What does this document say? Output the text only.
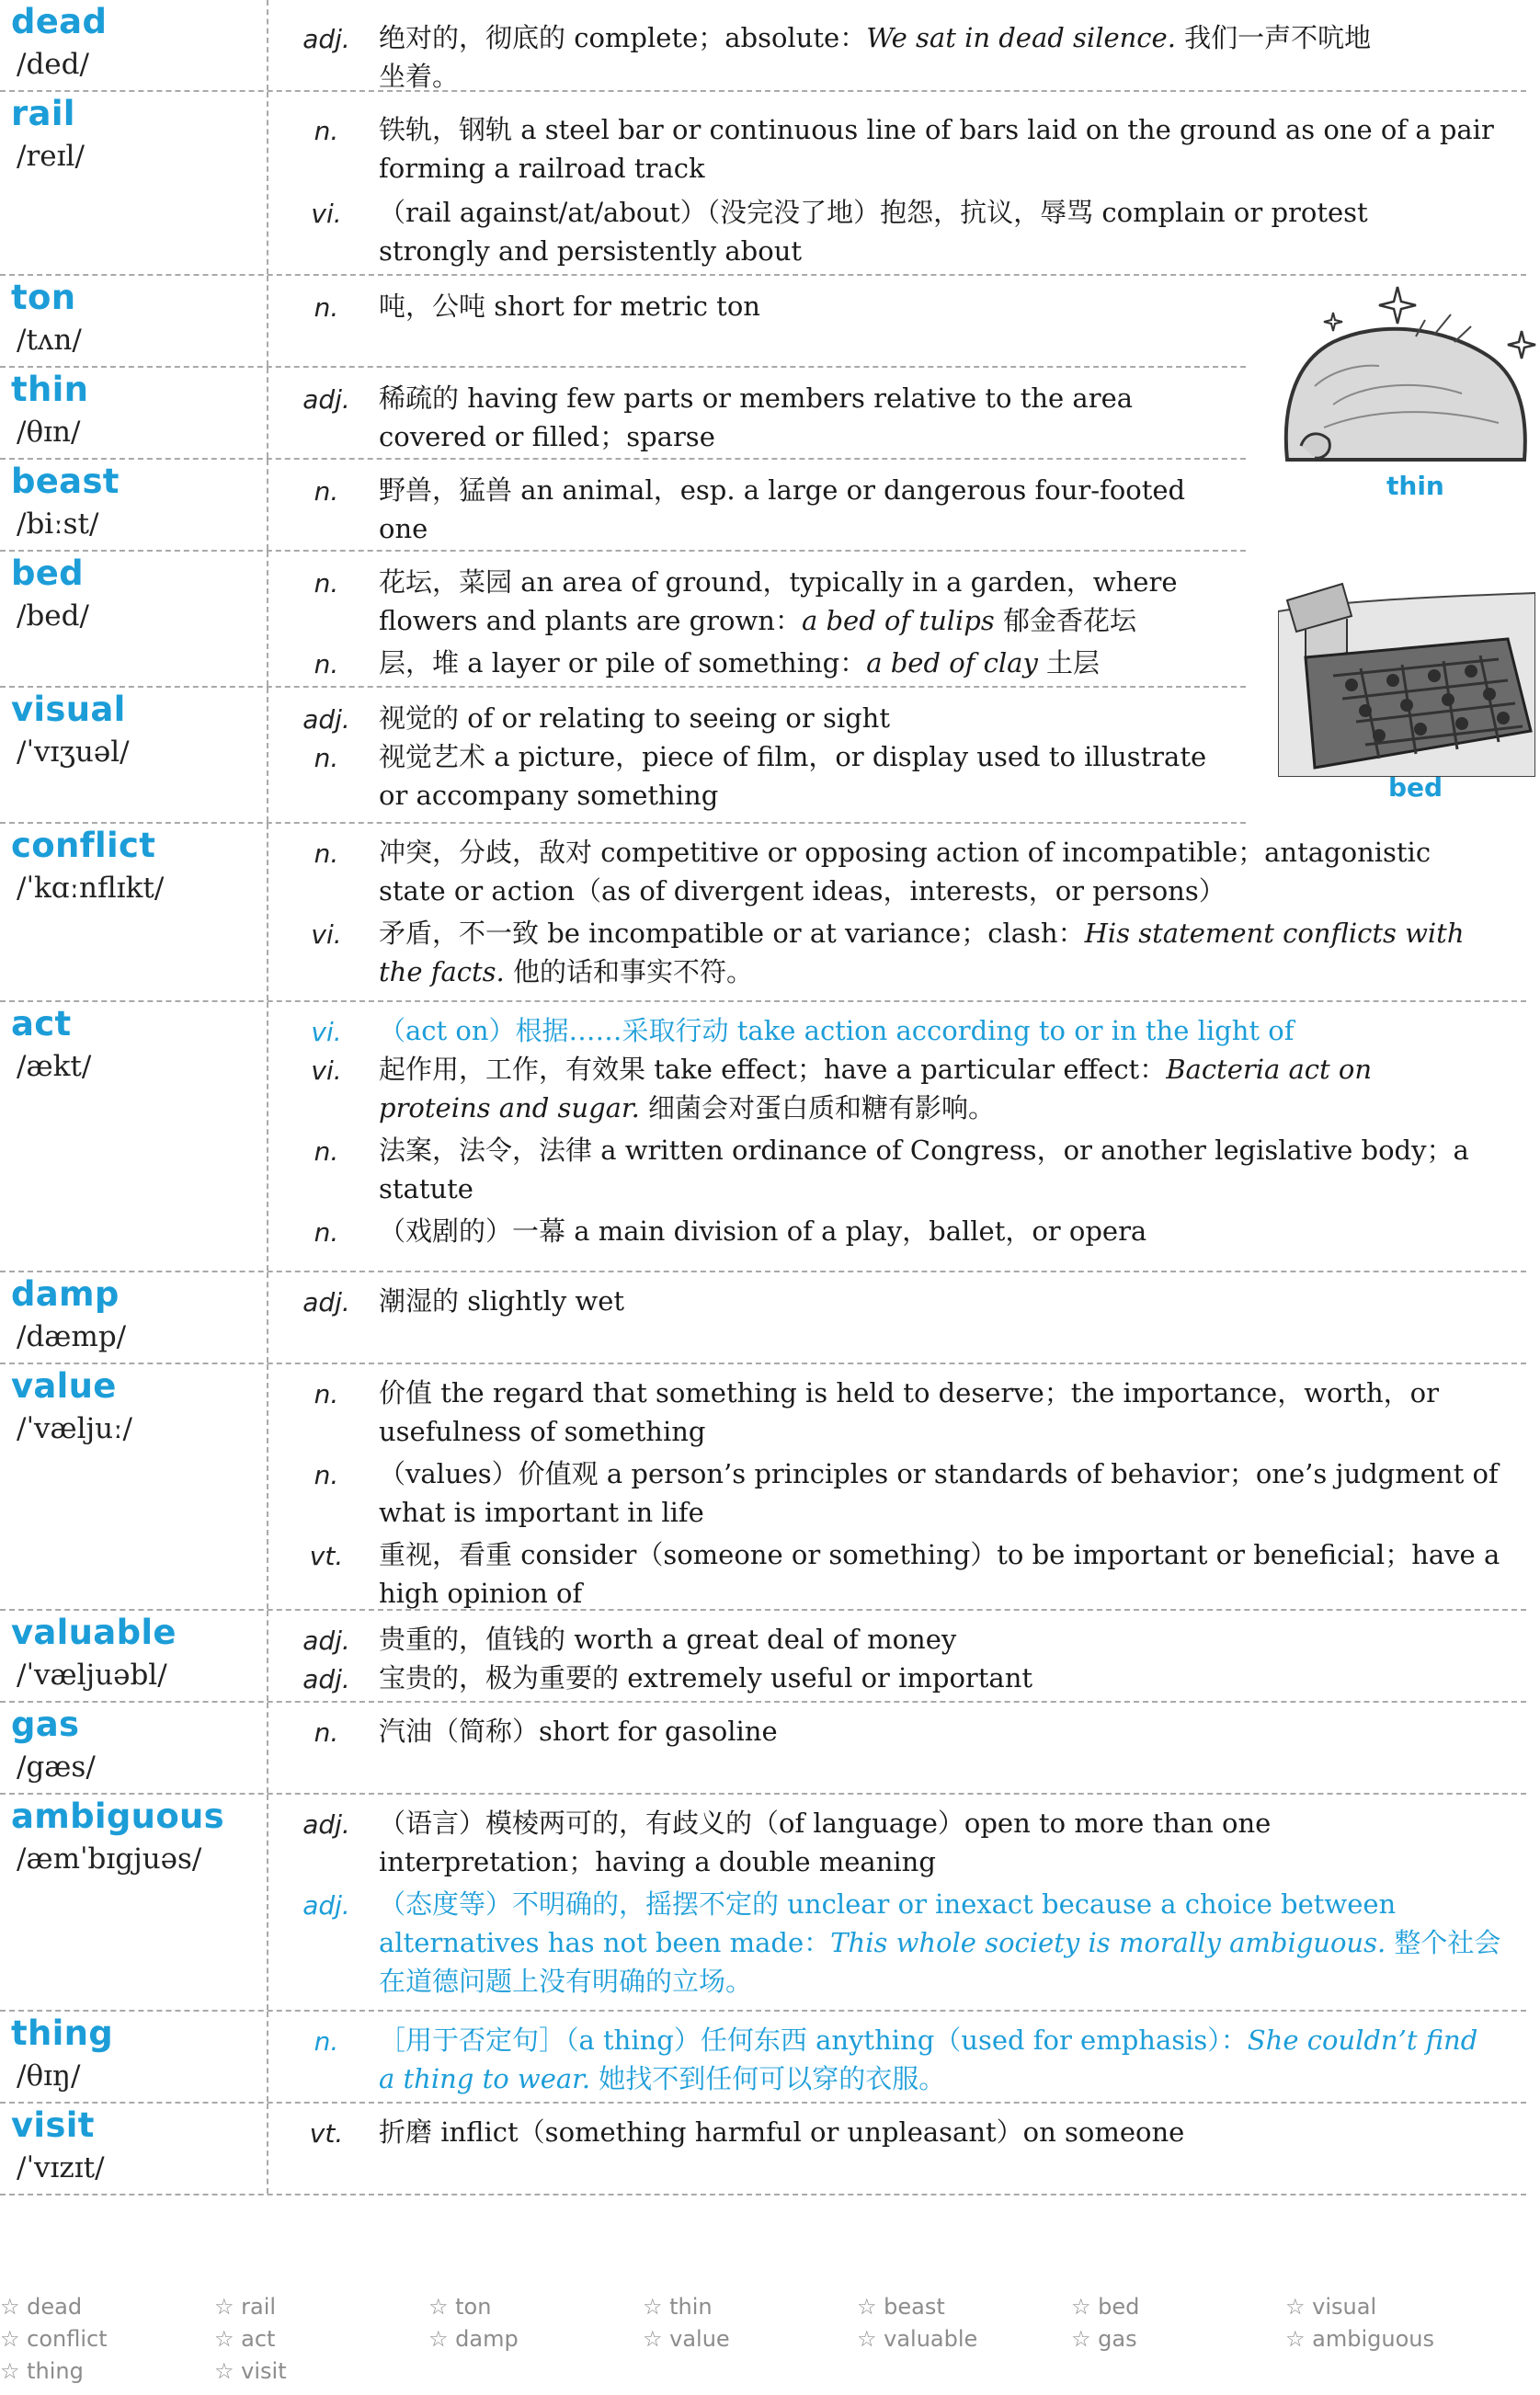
dead
/ded/
adj.	绝对的，彻底的 complete；absolute：We sat in dead silence. 我们一声不吭地
坐着。
rail
/reɪl/
n.	铁轨，钢轨 a steel bar or continuous line of bars laid on the ground as one of a pair
forming a railroad track
vi.	（rail against/at/about）（没完没了地）抱怨，抗议，辱骂 complain or protest
strongly and persistently about
ton
/tʌn/
n.	吨，公吨 short for metric ton
thin
/θɪn/
adj.	稀疏的 having few parts or members relative to the area
covered or filled；sparse
beast
/biːst/
n.	野兽，猛兽 an animal，esp. a large or dangerous four-footed
one
bed
/bed/
n.	花坛，菜园 an area of ground，typically in a garden，where
flowers and plants are grown：a bed of tulips 郁金香花坛
n.	层，堆 a layer or pile of something：a bed of clay 土层
visual
/ˈvɪʒuəl/
adj.	视觉的 of or relating to seeing or sight
n.	视觉艺术 a picture，piece of film，or display used to illustrate
or accompany something
conflict
/ˈkɑːnflɪkt/
n.	冲突，分歧，敌对 competitive or opposing action of incompatible；antagonistic
state or action（as of divergent ideas，interests，or persons）
vi.	矛盾，不一致 be incompatible or at variance；clash：His statement conflicts with
the facts. 他的话和事实不符。
act
/ækt/
vi.	（act on）根据……采取行动 take action according to or in the light of
vi.	起作用，工作，有效果 take effect；have a particular effect：Bacteria act on
proteins and sugar. 细菌会对蛋白质和糖有影响。
n.	法案，法令，法律 a written ordinance of Congress，or another legislative body；a
statute
n.	（戏剧的）一幕 a main division of a play，ballet，or opera
damp
/dæmp/
adj.	潮湿的 slightly wet
value
/ˈvæljuː/
n.	价值 the regard that something is held to deserve；the importance，worth，or
usefulness of something
n.	（values）价值观 a person’s principles or standards of behavior；one’s judgment of
what is important in life
vt.	重视，看重 consider（someone or something）to be important or beneficial；have a
high opinion of
valuable
/ˈvæljuəbl/
adj.	贵重的，值钱的 worth a great deal of money
adj.	宝贵的，极为重要的 extremely useful or important
gas
/gæs/
n.	汽油（简称）short for gasoline
ambiguous
/æmˈbɪgjuəs/
adj.	（语言）模棱两可的，有歧义的（of language）open to more than one
interpretation；having a double meaning
adj.	（态度等）不明确的，摇摆不定的 unclear or inexact because a choice between
alternatives has not been made：This whole society is morally ambiguous. 整个社会
在道德问题上没有明确的立场。
thing
/θɪŋ/
n.	［用于否定句］（a thing）任何东西 anything（used for emphasis）：She couldn’t find
a thing to wear. 她找不到任何可以穿的衣服。
visit
/ˈvɪzɪt/
vt.	折磨 inflict（something harmful or unpleasant）on someone
thin
bed
☆ dead	☆ rail	☆ ton	☆ thin	☆ beast	☆ bed	☆ visual
☆ conflict	☆ act	☆ damp	☆ value	☆ valuable	☆ gas	☆ ambiguous
☆ thing	☆ visit
